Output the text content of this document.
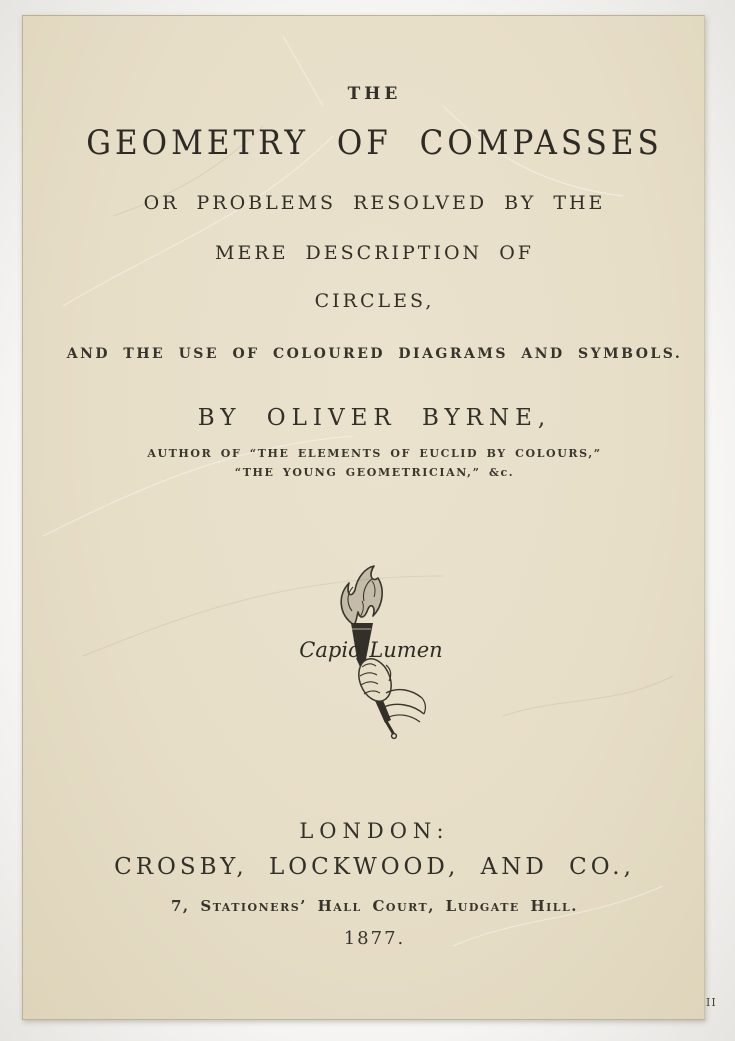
THE
GEOMETRY OF COMPASSES
OR PROBLEMS RESOLVED BY THE
MERE DESCRIPTION OF
CIRCLES,
AND THE USE OF COLOURED DIAGRAMS AND SYMBOLS.
BY OLIVER BYRNE,
AUTHOR OF “THE ELEMENTS OF EUCLID BY COLOURS,”
“THE YOUNG GEOMETRICIAN,” &c.
Capio Lumen
LONDON:
CROSBY, LOCKWOOD, AND CO.,
7, Stationers’ Hall Court, Ludgate Hill.
1877.
II
